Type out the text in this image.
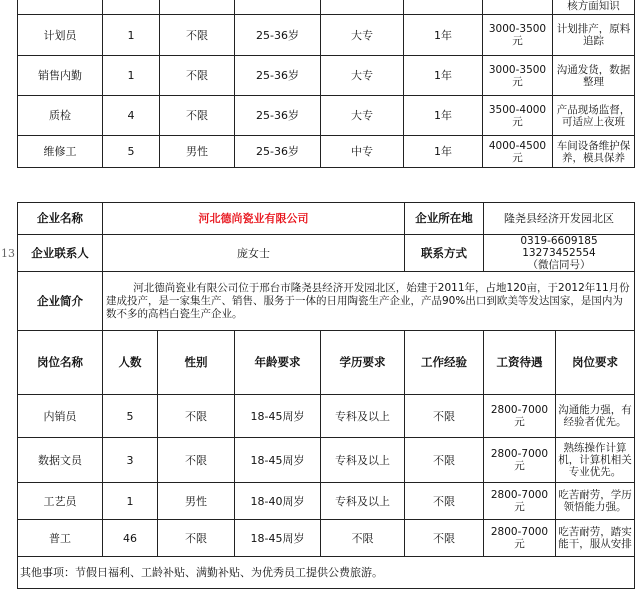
							核方面知识
计划员	1	不限	25-36岁	大专	1年	3000-3500元	计划排产，原料追踪
销售内勤	1	不限	25-36岁	大专	1年	3000-3500元	沟通发货，数据整理
质检	4	不限	25-36岁	大专	1年	3500-4000元	产品现场监督，可适应上夜班
维修工	5	男性	25-36岁	中专	1年	4000-4500元	车间设备维护保养，模具保养
13
企业名称	河北德尚瓷业有限公司				企业所在地	隆尧县经济开发园北区	
企业联系人	庞女士				联系方式	0319-6609185 13273452554
（微信同号）	

企业简介	河北德尚瓷业有限公司位于邢台市隆尧县经济开发园北区，始建于2011年，占地120亩，于2012年11月份建成投产，是一家集生产、销售、服务于一体的日用陶瓷生产企业，产品90%出口到欧美等发达国家，是国内为数不多的高档白瓷生产企业。						
岗位名称	人数	性别	年龄要求	学历要求	工作经验	工资待遇	岗位要求
内销员	5	不限	18-45周岁	专科及以上	不限	2800-7000元	沟通能力强，有经验者优先。
数据文员	3	不限	18-45周岁	专科及以上	不限	2800-7000元	熟练操作计算机，计算机相关专业优先。
工艺员	1	男性	18-40周岁	专科及以上	不限	2800-7000元	吃苦耐劳，学历领悟能力强。
普工	46	不限	18-45周岁	不限	不限	2800-7000元	吃苦耐劳，踏实能干，服从安排
其他事项：节假日福利、工龄补贴、满勤补贴、为优秀员工提供公费旅游。							
